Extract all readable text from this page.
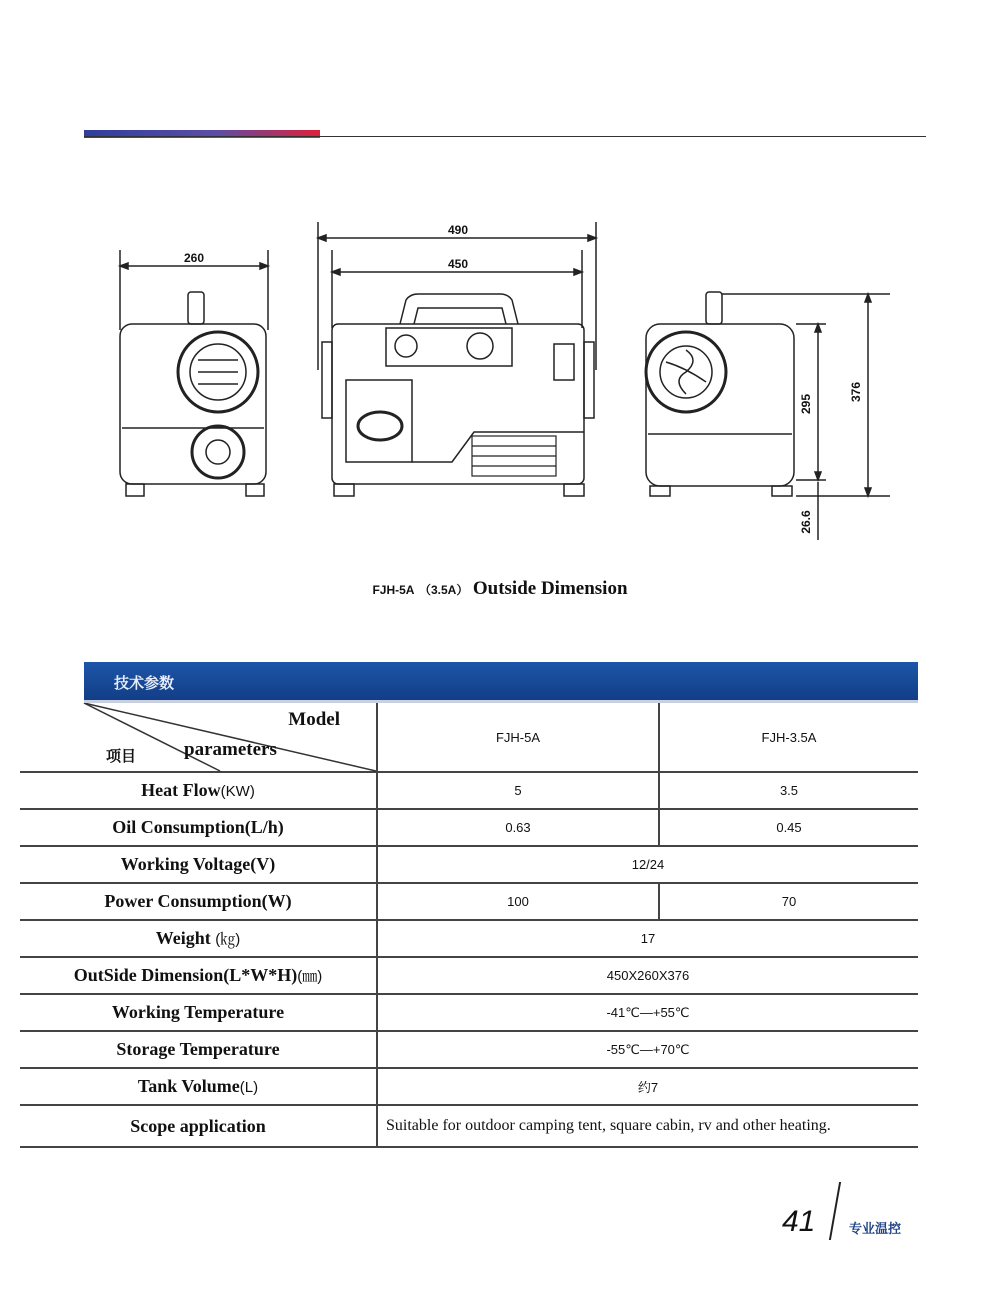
260
490
450
295
376
26.6
FJH-5A （3.5A） Outside Dimension
技术参数
Model
parameters
项目	FJH-5A	FJH-3.5A
Heat Flow(KW)	5	3.5
Oil Consumption(L/h)	0.63	0.45
Working Voltage(V)	12/24	
Power Consumption(W)	100	70
Weight (㎏)	17	
OutSide Dimension(L*W*H)(㎜)	450X260X376	
Working Temperature	-41℃—+55℃	
Storage Temperature	-55℃—+70℃	
Tank Volume(L)	约7	
Scope application	Suitable for outdoor camping tent, square cabin, rv and other heating.	
41	专业温控
